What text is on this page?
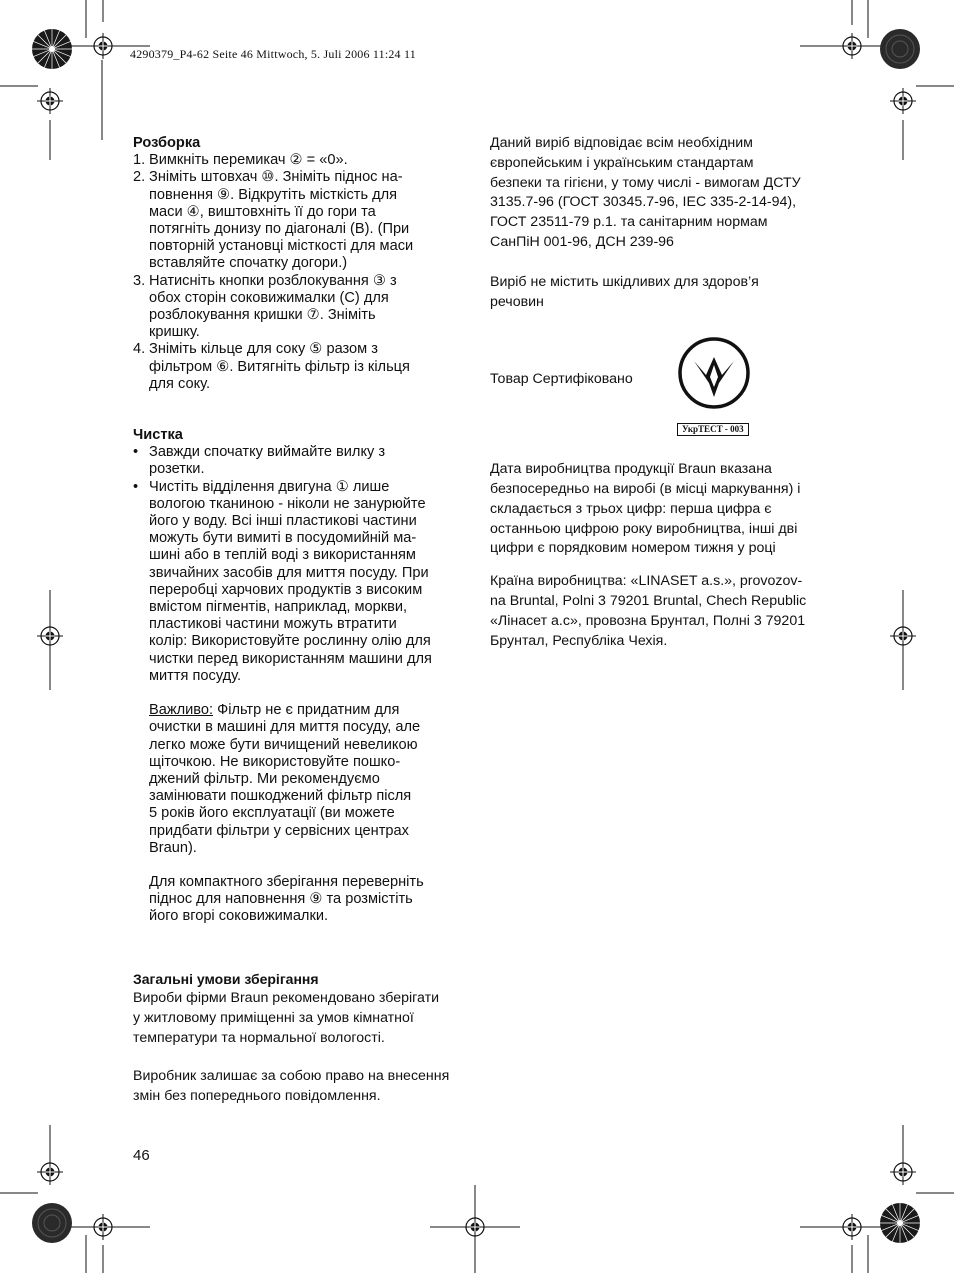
4290379_P4-62 Seite 46 Mittwoch, 5. Juli 2006 11:24 11
Розборка
1. Вимкніть перемикач ② = «0».
2. Зніміть штовхач ⑩. Зніміть піднос на-
повнення ⑨. Відкрутіть місткість для
маси ④, виштовхніть її до гори та
потягніть донизу по діагоналі (B). (При
повторній установці місткості для маси
вставляйте спочатку догори.)
3. Натисніть кнопки розблокування ③ з
обох сторін соковижималки (C) для
розблокування кришки ⑦. Зніміть
кришку.
4. Зніміть кільце для соку ⑤ разом з
фільтром ⑥. Витягніть фільтр із кільця
для соку.
Чистка
• Завжди спочатку виймайте вилку з
розетки.
• Чистіть відділення двигуна ① лише
вологою тканиною - ніколи не занурюйте
його у воду. Всі інші пластикові частини
можуть бути вимиті в посудомийній ма-
шині або в теплій воді з використанням
звичайних засобів для миття посуду. При
переробці харчових продуктів з високим
вмістом пігментів, наприклад, моркви,
пластикові частини можуть втратити
колір: Використовуйте рослинну олію для
чистки перед використанням машини для
миття посуду.
Важливо: Фільтр не є придатним для
очистки в машині для миття посуду, але
легко може бути вичищений невеликою
щіточкою. Не використовуйте пошко-
джений фільтр. Ми рекомендуємо
замінювати пошкоджений фільтр після
5 років його експлуатації (ви можете
придбати фільтри у сервісних центрах
Braun).
Для компактного зберігання переверніть
піднос для наповнення ⑨ та розмістіть
його вгорі соковижималки.
Загальні умови зберігання
Вироби фірми Braun рекомендовано зберігати
у житловому приміщенні за умов кімнатної
температури та нормальної вологості.
Виробник залишає за собою право на внесення
змін без попереднього повідомлення.
Даний виріб відповідає всім необхідним
європейським і українським стандартам
безпеки та гігієни, у тому числі - вимогам ДСТУ
3135.7-96 (ГОСТ 30345.7-96, IEC 335-2-14-94),
ГОСТ 23511-79 р.1. та санітарним нормам
СанПіН 001-96, ДСН 239-96
Виріб не містить шкідливих для здоров’я
речовин
Товар Сертифіковано
Дата виробництва продукції Braun вказана
безпосередньо на виробі (в місці маркування) і
складається з трьох цифр: перша цифра є
останньою цифрою року виробництва, інші дві
цифри є порядковим номером тижня у році
Країна виробництва: «LINASET a.s.», provozov-
na Bruntal, Polni 3 79201 Bruntal, Chech Republic
«Лінасет а.с», провозна Брунтал, Полні 3 79201
Брунтал, Республіка Чехія.
УкрТЕСТ - 003
46
